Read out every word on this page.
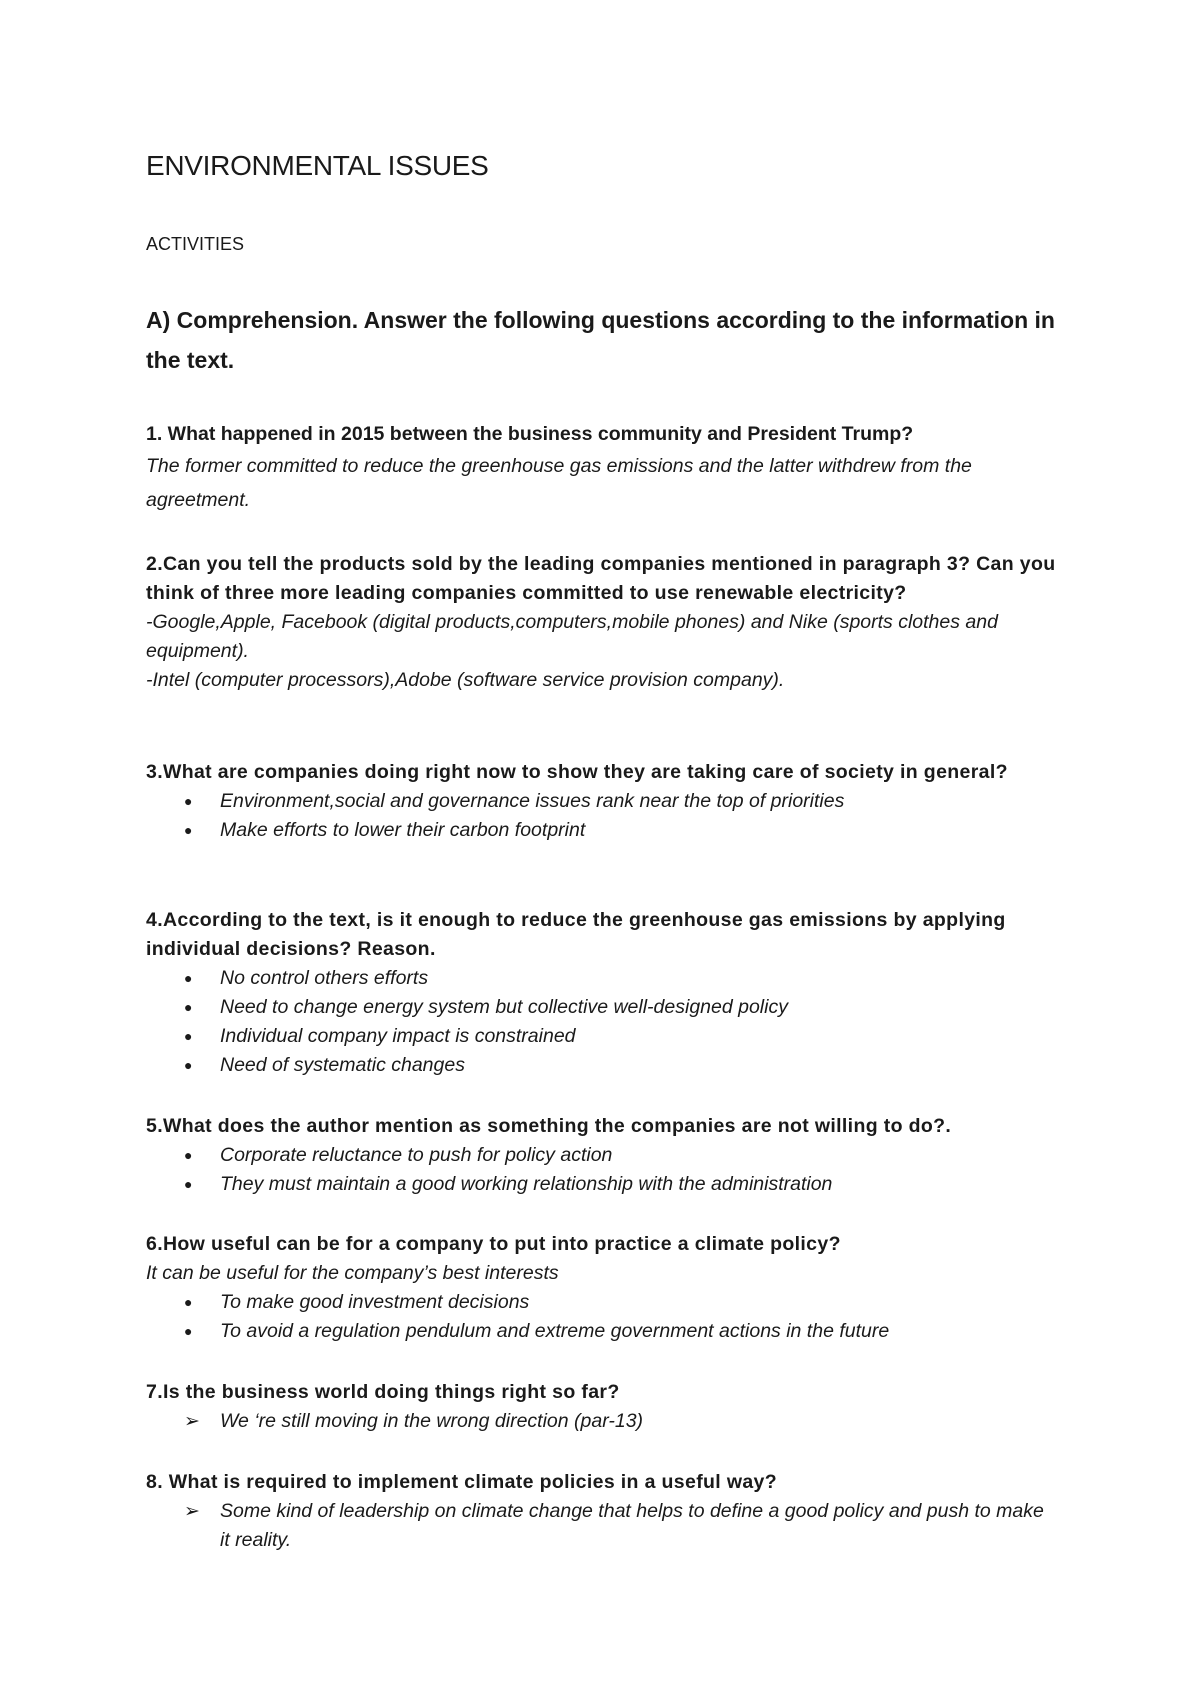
ENVIRONMENTAL ISSUES

ACTIVITIES

A) Comprehension. Answer the following questions according to the information in the text.

1. What happened in 2015 between the business community and President Trump?

The former committed to reduce the greenhouse gas emissions and the latter withdrew from the agreetment.

2.Can you tell the products sold by the leading companies mentioned in paragraph 3? Can you think of three more leading companies committed to use renewable electricity?

-Google,Apple, Facebook (digital products,computers,mobile phones) and Nike (sports clothes and equipment).

-Intel (computer processors),Adobe (software service provision company).

3.What are companies doing right now to show they are taking care of society in general?

● Environment,social and governance issues rank near the top of priorities
● Make efforts to lower their carbon footprint

4.According to the text, is it enough to reduce the greenhouse gas emissions by applying individual decisions? Reason.

● No control others efforts
● Need to change energy system but collective well-designed policy
● Individual company impact is constrained
● Need of systematic changes

5.What does the author mention as something the companies are not willing to do?.

● Corporate reluctance to push for policy action
● They must maintain a good working relationship with the administration

6.How useful can be for a company to put into practice a climate policy?

It can be useful for the company’s best interests

● To make good investment decisions
● To avoid a regulation pendulum and extreme government actions in the future

7.Is the business world doing things right so far?

➢ We ‘re still moving in the wrong direction (par-13)

8. What is required to implement climate policies in a useful way?

➢ Some kind of leadership on climate change that helps to define a good policy and push to make it reality.
